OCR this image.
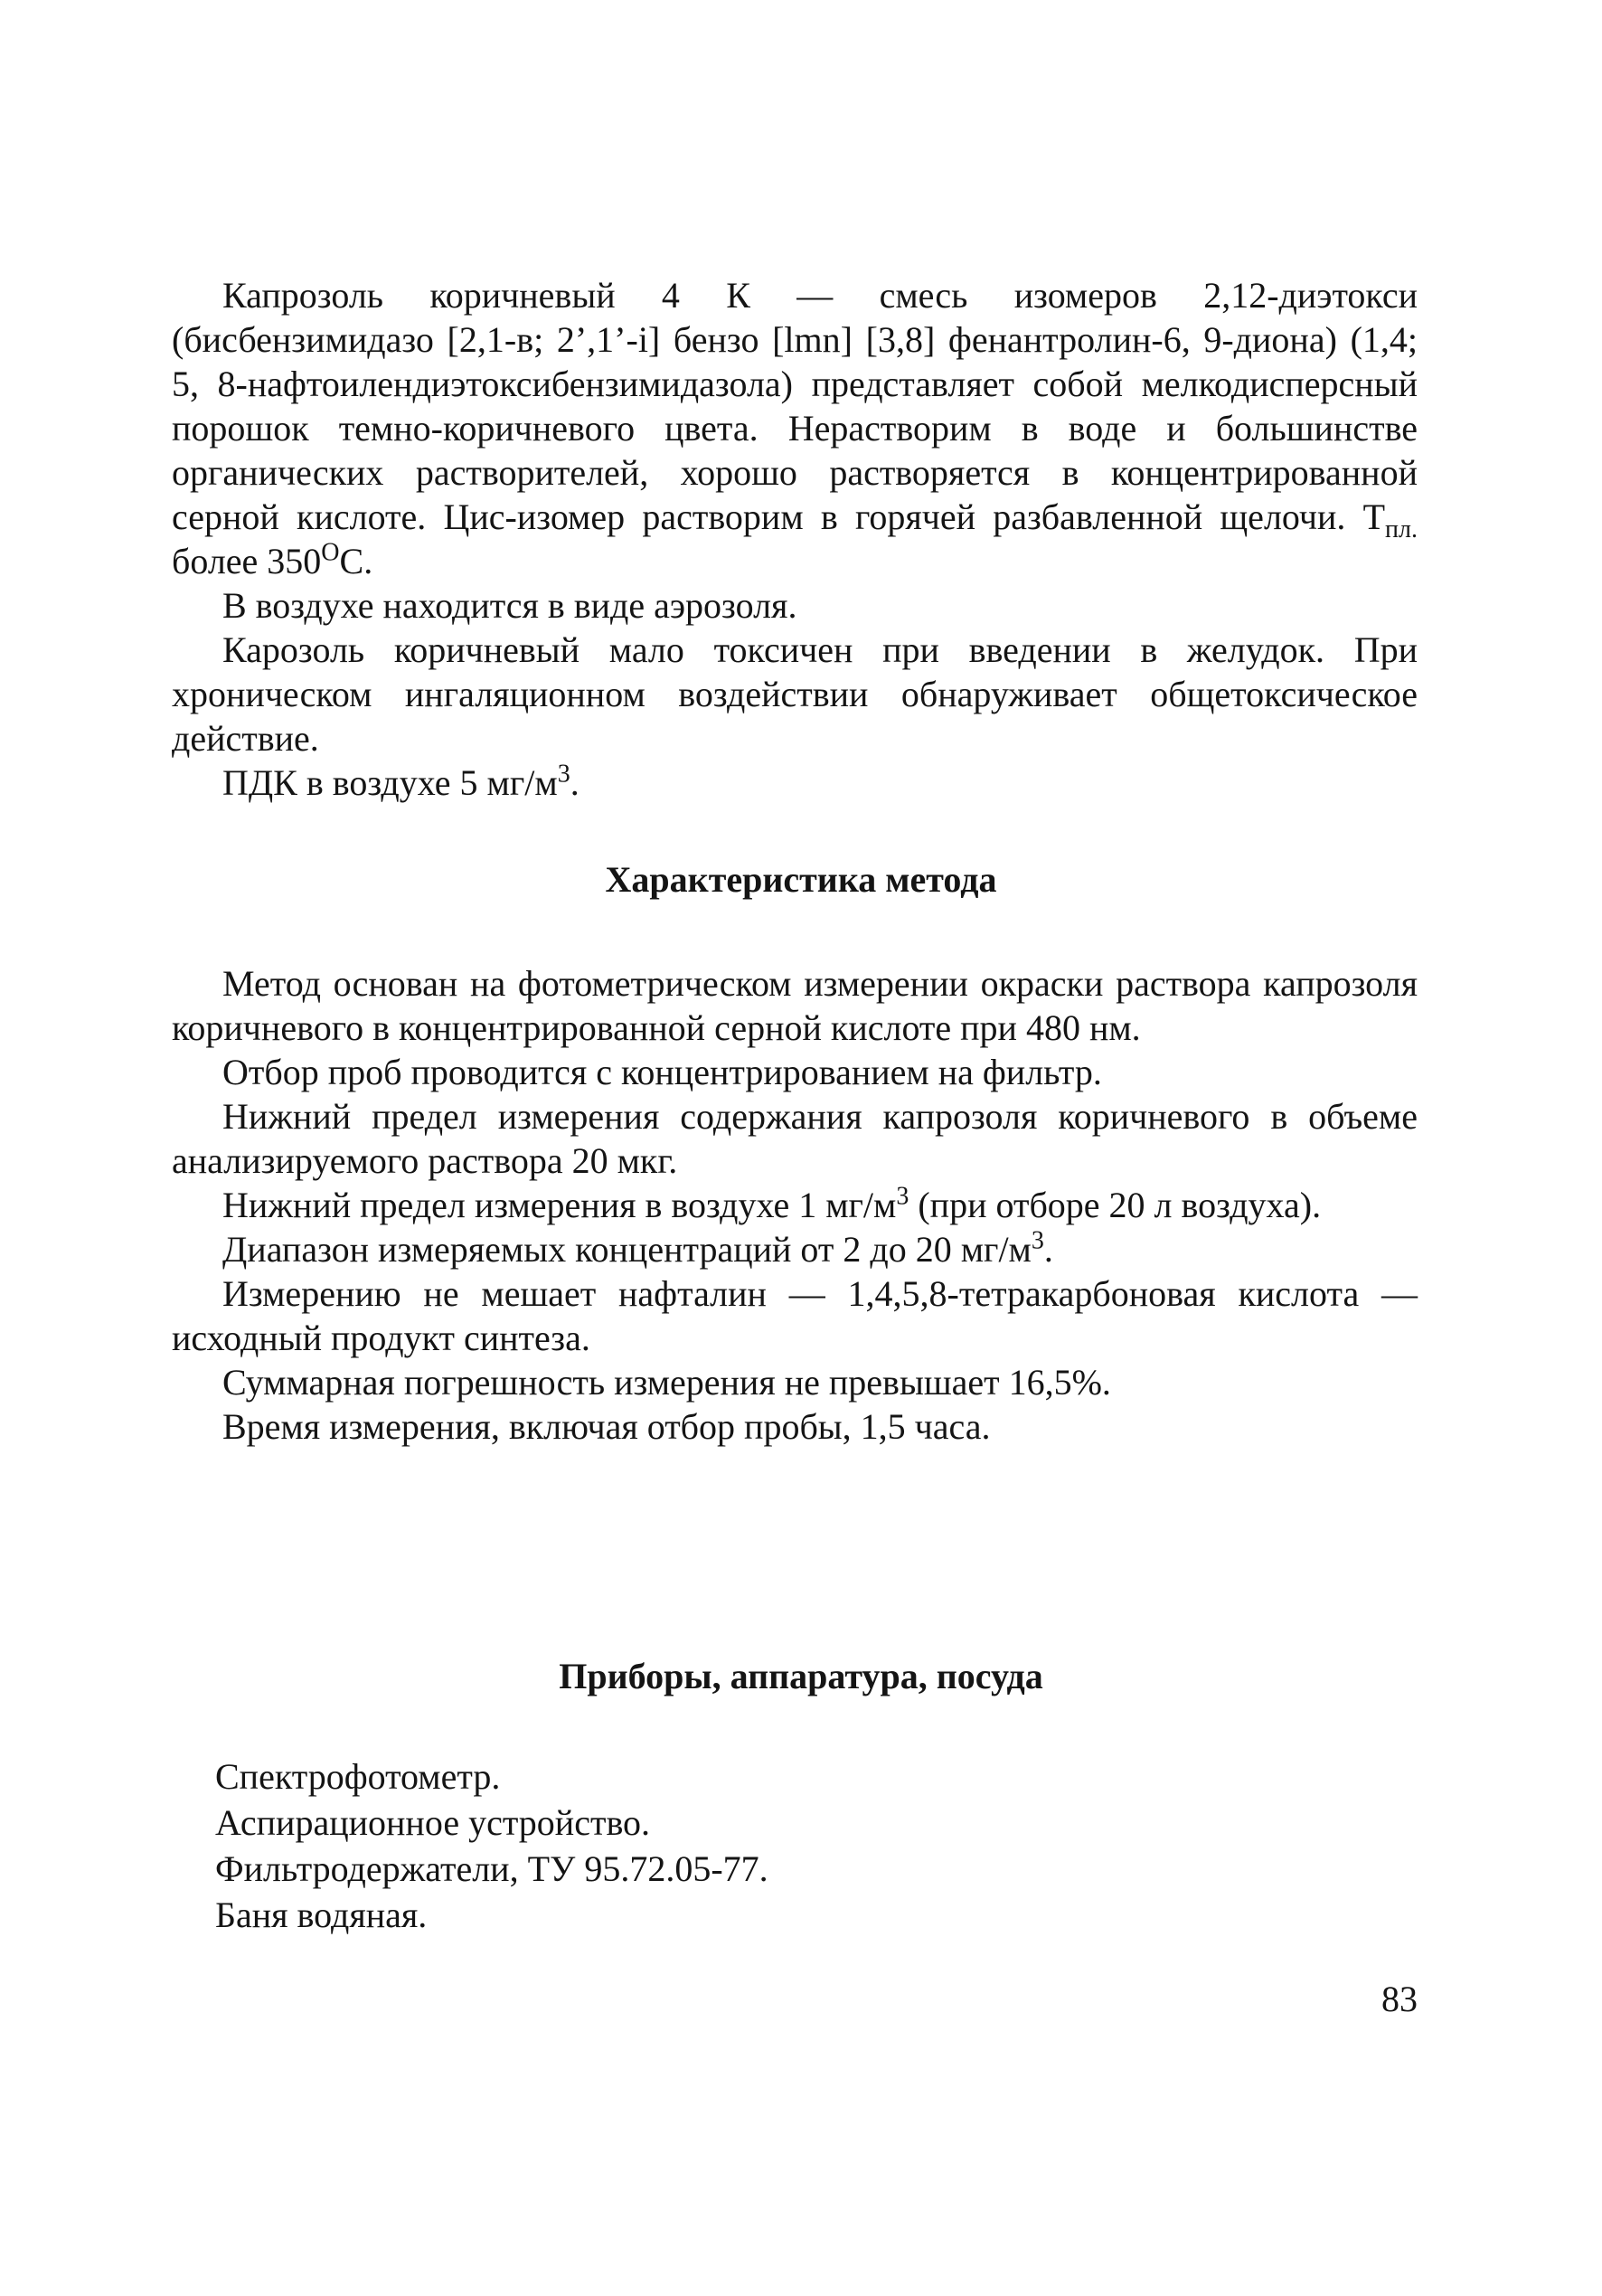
Капрозоль коричневый 4 К — смесь изомеров 2,12-диэтокси (бисбензимидазо [2,1-в; 2’,1’-i] бензо [lmn] [3,8] фенантролин-6, 9-диона) (1,4; 5, 8-нафтоилендиэтоксибензимидазола) представляет собой мелкодисперсный порошок темно-коричневого цвета. Нерастворим в воде и большинстве органических растворителей, хорошо растворяется в концентрированной серной кислоте. Цис-изомер растворим в горячей разбавленной щелочи. $Т_{пл.}$ более $350^ОС$.

В воздухе находится в виде аэрозоля.

Карозоль коричневый мало токсичен при введении в желудок. При хроническом ингаляционном воздействии обнаруживает общетоксическое действие.

ПДК в воздухе 5 $мг/м^3$.

Характеристика метода

Метод основан на фотометрическом измерении окраски раствора капрозоля коричневого в концентрированной серной кислоте при 480 нм.

Отбор проб проводится с концентрированием на фильтр.

Нижний предел измерения содержания капрозоля коричневого в объеме анализируемого раствора 20 мкг.

Нижний предел измерения в воздухе 1 $мг/м^3$ (при отборе 20 л воздуха).

Диапазон измеряемых концентраций от 2 до 20 $мг/м^3$.

Измерению не мешает нафталин — 1,4,5,8-тетракарбоновая кислота — исходный продукт синтеза.

Суммарная погрешность измерения не превышает 16,5%.

Время измерения, включая отбор пробы, 1,5 часа.

Приборы, аппаратура, посуда

Спектрофотометр.

Аспирационное устройство.

Фильтродержатели, ТУ 95.72.05-77.

Баня водяная.

83
